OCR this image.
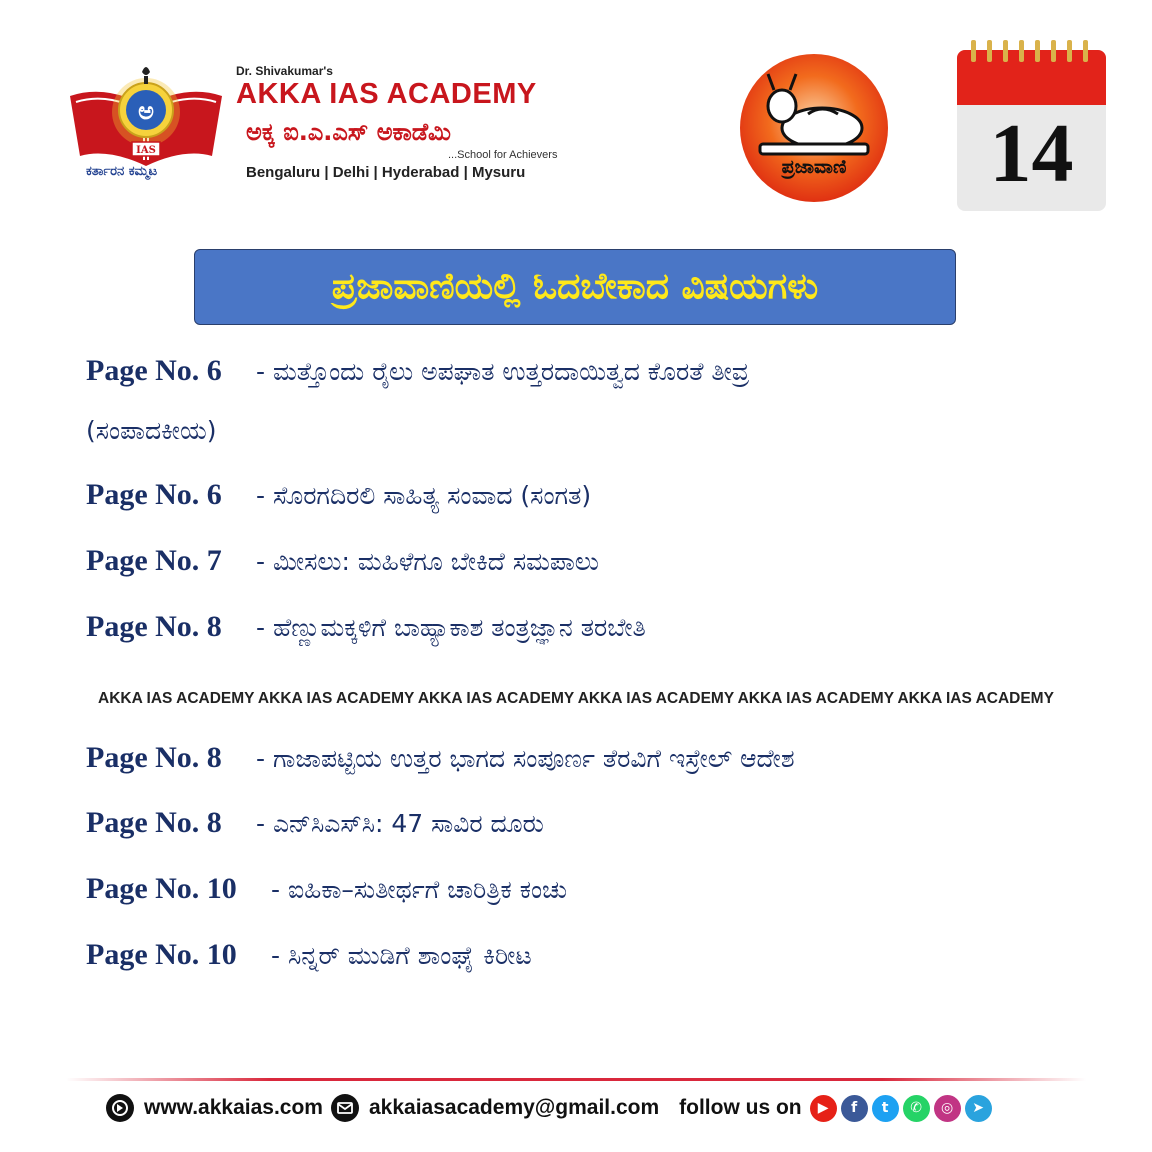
ಅ
IAS
ಕರ್ತಾರನ ಕಮ್ಮಟ
Dr. Shivakumar's
AKKA IAS ACADEMY
ಅಕ್ಕ ಐ.ಎ.ಎಸ್ ಅಕಾಡೆಮಿ
...School for Achievers
Bengaluru | Delhi | Hyderabad | Mysuru	ಪ್ರಜಾವಾಣಿ	14
ಪ್ರಜಾವಾಣಿಯಲ್ಲಿ ಓದಬೇಕಾದ ವಿಷಯಗಳು
Page No. 6 - ಮತ್ತೊಂದು ರೈಲು ಅಪಘಾತ ಉತ್ತರದಾಯಿತ್ವದ ಕೊರತೆ ತೀವ್ರ
(ಸಂಪಾದಕೀಯ)
Page No. 6 - ಸೊರಗದಿರಲಿ ಸಾಹಿತ್ಯ ಸಂವಾದ (ಸಂಗತ)
Page No. 7 - ಮೀಸಲು: ಮಹಿಳೆಗೂ ಬೇಕಿದೆ ಸಮಪಾಲು
Page No. 8 - ಹೆಣ್ಣುಮಕ್ಕಳಿಗೆ ಬಾಹ್ಯಾಕಾಶ ತಂತ್ರಜ್ಞಾನ ತರಬೇತಿ
AKKA IAS ACADEMY AKKA IAS ACADEMY AKKA IAS ACADEMY AKKA IAS ACADEMY AKKA IAS ACADEMY AKKA IAS ACADEMY
Page No. 8 - ಗಾಜಾಪಟ್ಟಿಯ ಉತ್ತರ ಭಾಗದ ಸಂಪೂರ್ಣ ತೆರವಿಗೆ ಇಸ್ರೇಲ್ ಆದೇಶ
Page No. 8 - ಎನ್‌ಸಿಎಸ್‌ಸಿ: 47 ಸಾವಿರ ದೂರು
Page No. 10 - ಐಹಿಕಾ–ಸುತೀರ್ಥಗೆ ಚಾರಿತ್ರಿಕ ಕಂಚು
Page No. 10 - ಸಿನ್ನರ್ ಮುಡಿಗೆ ಶಾಂಘೈ ಕಿರೀಟ
www.akkaias.com akkaiasacademy@gmail.com follow us on	▶	f	t	✆	◎	➤
